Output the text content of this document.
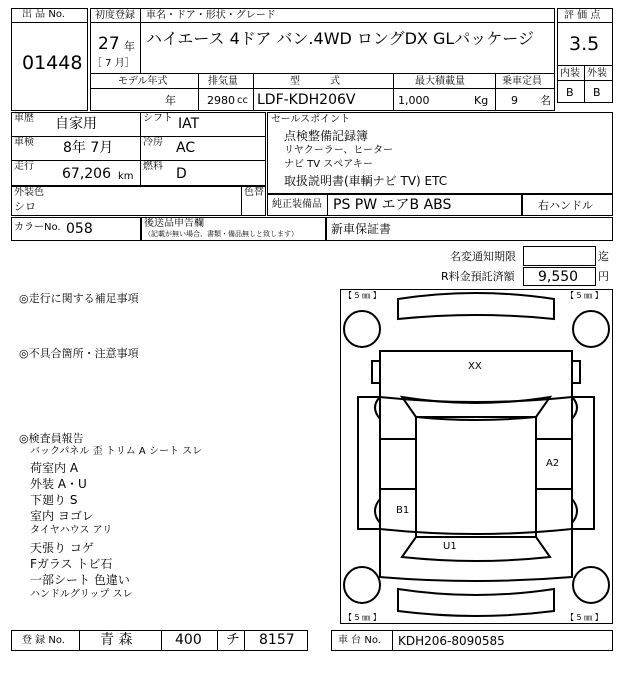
出 品 No.
01448
初度登録
27 年
［ 7 月］
車名・ドア・形状・グレード
ハイエース 4ドア バン.4WD ロングDX GLパッケージ
モデル年式
年
排気量
2980 cc
型　　　式
LDF-KDH206V
最大積載量
1,000	Kg
乗車定員
9 名
評 価 点
3.5
内装 外装
B B
車歴 自家用
車検 8年 7月
走行 67,206 km
シフト IAT
冷房 AC
燃料 D
セールスポイント
点検整備記録簿
リヤクーラー、ヒーター
ナビ TV スペアキー
取扱説明書(車輌ナビ TV) ETC
外装色
シロ
色替
純正装備品 PS PW エアB ABS	右ハンドル
カラーNo. 058	後送品申告欄
（記載が無い場合、書類・備品無しと致します）	新車保証書
名変通知期限	迄
R料金預託済額 9,550 円
◎走行に関する補足事項
◎不具合箇所・注意事項
◎検査員報告
バックパネル 歪 トリム A シート スレ
荷室内 A
外装 A・U
下廻り S
室内 ヨゴレ
タイヤハウス アリ
天張り コゲ
Fガラス トビ石
一部シート 色違い
ハンドルグリップ スレ
【 5 ㎜ 】	【 5 ㎜ 】
【 5 ㎜ 】	【 5 ㎜ 】
XX
A2
B1
U1
登 録 No.	青 森	400 チ 8157	車 台 No. KDH206-8090585
